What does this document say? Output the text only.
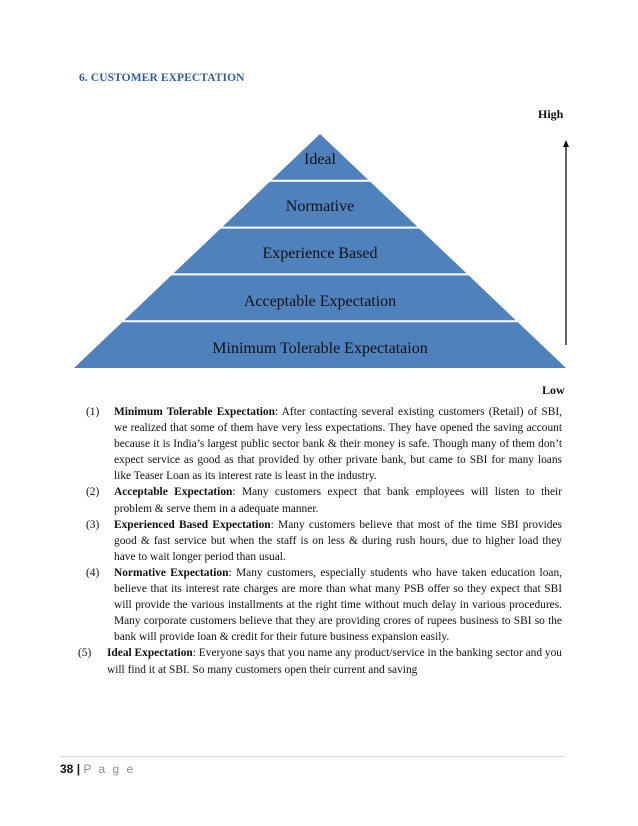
6. CUSTOMER EXPECTATION
High
Ideal
Normative
Experience Based
Acceptable Expectation
Minimum Tolerable Expectataion
Low
(1) Minimum Tolerable Expectation: After contacting several existing customers (Retail) of SBI, we realized that some of them have very less expectations. They have opened the saving account because it is India’s largest public sector bank & their money is safe. Though many of them don’t expect service as good as that provided by other private bank, but came to SBI for many loans like Teaser Loan as its interest rate is least in the industry.
(2) Acceptable Expectation: Many customers expect that bank employees will listen to their problem & serve them in a adequate manner.
(3) Experienced Based Expectation: Many customers believe that most of the time SBI provides good & fast service but when the staff is on less & during rush hours, due to higher load they have to wait longer period than usual.
(4) Normative Expectation: Many customers, especially students who have taken education loan, believe that its interest rate charges are more than what many PSB offer so they expect that SBI will provide the various installments at the right time without much delay in various procedures. Many corporate customers believe that they are providing crores of rupees business to SBI so the bank will provide loan & credit for their future business expansion easily.
(5) Ideal Expectation: Everyone says that you name any product/service in the banking sector and you will find it at SBI. So many customers open their current and saving
38 | P a g e
